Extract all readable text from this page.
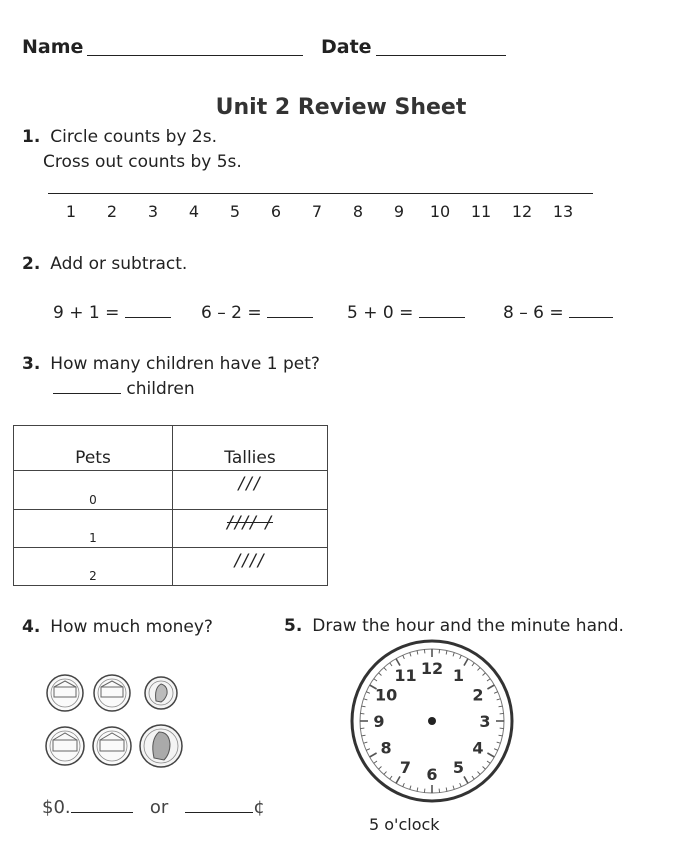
Name	Date
Unit 2 Review Sheet
1. Circle counts by 2s.
Cross out counts by 5s.
1	2	3	4	5	6	7	8	9	10 11 12 13
2. Add or subtract.
9 + 1 =	6 – 2 =	5 + 0 =	8 – 6 =
3. How many children have 1 pet?
children
Pets	Tallies
0	///
1	//// /
2	////
4. How much money?
$0.	or	¢
5. Draw the hour and the minute hand.
12 1
2
3
4
5
6
7
8
9
10
11
5 o'clock
